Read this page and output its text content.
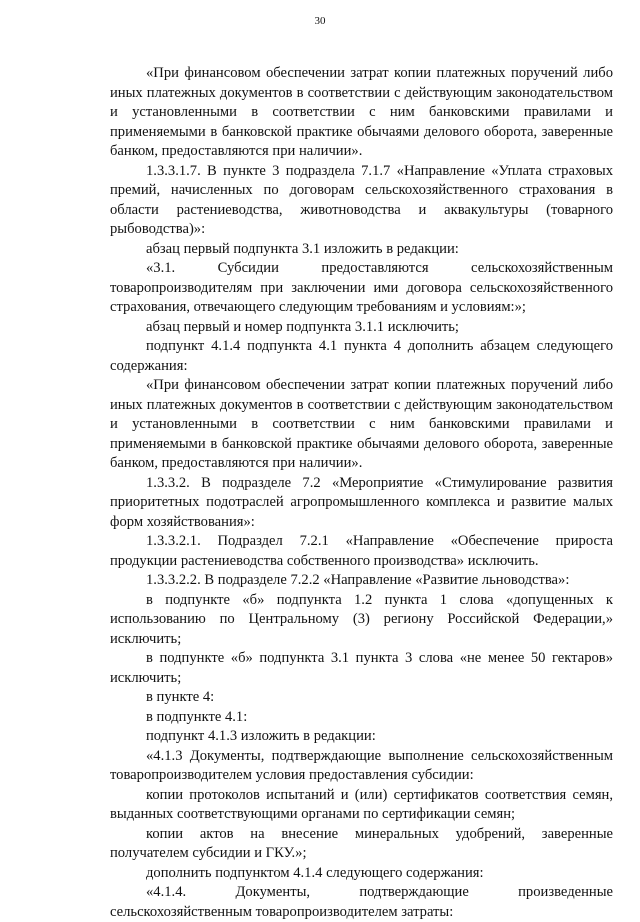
30

«При финансовом обеспечении затрат копии платежных поручений либо иных платежных документов в соответствии с действующим законодательством и установленными в соответствии с ним банковскими правилами и применяемыми в банковской практике обычаями делового оборота, заверенные банком, предоставляются при наличии».

1.3.3.1.7. В пункте 3 подраздела 7.1.7 «Направление «Уплата страховых премий, начисленных по договорам сельскохозяйственного страхования в области растениеводства, животноводства и аквакультуры (товарного рыбоводства)»:

абзац первый подпункта 3.1 изложить в редакции:

«3.1. Субсидии предоставляются сельскохозяйственным товаропроизводителям при заключении ими договора сельскохозяйственного страхования, отвечающего следующим требованиям и условиям:»;

абзац первый и номер подпункта 3.1.1 исключить;

подпункт 4.1.4 подпункта 4.1 пункта 4 дополнить абзацем следующего содержания:

«При финансовом обеспечении затрат копии платежных поручений либо иных платежных документов в соответствии с действующим законодательством и установленными в соответствии с ним банковскими правилами и применяемыми в банковской практике обычаями делового оборота, заверенные банком, предоставляются при наличии».

1.3.3.2. В подразделе 7.2 «Мероприятие «Стимулирование развития приоритетных подотраслей агропромышленного комплекса и развитие малых форм хозяйствования»:

1.3.3.2.1. Подраздел 7.2.1 «Направление «Обеспечение прироста продукции растениеводства собственного производства» исключить.

1.3.3.2.2. В подразделе 7.2.2 «Направление «Развитие льноводства»:

в подпункте «б» подпункта 1.2 пункта 1 слова «допущенных к использованию по Центральному (3) региону Российской Федерации,» исключить;

в подпункте «б» подпункта 3.1 пункта 3 слова «не менее 50 гектаров» исключить;

в пункте 4:

в подпункте 4.1:

подпункт 4.1.3 изложить в редакции:

«4.1.3 Документы, подтверждающие выполнение сельскохозяйственным товаропроизводителем условия предоставления субсидии:

копии протоколов испытаний и (или) сертификатов соответствия семян, выданных соответствующими органами по сертификации семян;

копии актов на внесение минеральных удобрений, заверенные получателем субсидии и ГКУ.»;

дополнить подпунктом 4.1.4 следующего содержания:

«4.1.4. Документы, подтверждающие произведенные сельскохозяйственным товаропроизводителем затраты:
